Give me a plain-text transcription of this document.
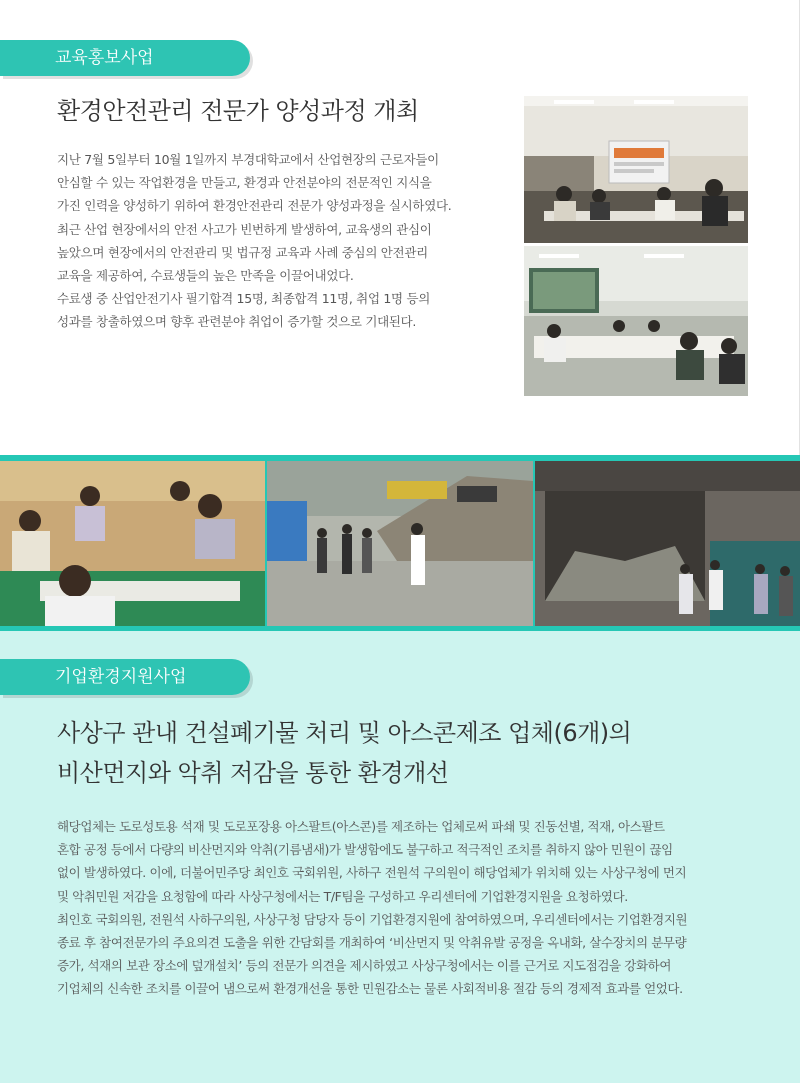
교육홍보사업
환경안전관리 전문가 양성과정 개최

지난 7월 5일부터 10월 1일까지 부경대학교에서 산업현장의 근로자들이

안심할 수 있는 작업환경을 만들고, 환경과 안전분야의 전문적인 지식을

가진 인력을 양성하기 위하여 환경안전관리 전문가 양성과정을 실시하였다.

최근 산업 현장에서의 안전 사고가 빈번하게 발생하여, 교육생의 관심이

높았으며 현장에서의 안전관리 및 법규정 교육과 사례 중심의 안전관리

교육을 제공하여, 수료생들의 높은 만족을 이끌어내었다.

수료생 중 산업안전기사 필기합격 15명, 최종합격 11명, 취업 1명 등의

성과를 창출하였으며 향후 관련분야 취업이 증가할 것으로 기대된다.

기업환경지원사업
사상구 관내 건설폐기물 처리 및 아스콘제조 업체(6개)의
비산먼지와 악취 저감을 통한 환경개선

해당업체는 도로성토용 석재 및 도로포장용 아스팔트(아스콘)를 제조하는 업체로써 파쇄 및 진동선별, 적재, 아스팔트

혼합 공정 등에서 다량의 비산먼지와 악취(기름냄새)가 발생함에도 불구하고 적극적인 조치를 취하지 않아 민원이 끊임

없이 발생하였다. 이에, 더불어민주당 최인호 국회위원, 사하구 전원석 구의원이 해당업체가 위치해 있는 사상구청에 먼지

및 악취민원 저감을 요청함에 따라 사상구청에서는 T/F팀을 구성하고 우리센터에 기업환경지원을 요청하였다.

최인호 국회의원, 전원석 사하구의원, 사상구청 담당자 등이 기업환경지원에 참여하였으며, 우리센터에서는 기업환경지원

종료 후 참여전문가의 주요의견 도출을 위한 간담회를 개최하여 ‘비산먼지 및 악취유발 공정을 옥내화, 살수장치의 분무량

증가, 석재의 보관 장소에 덮개설치’ 등의 전문가 의견을 제시하였고 사상구청에서는 이를 근거로 지도점검을 강화하여

기업체의 신속한 조치를 이끌어 냄으로써 환경개선을 통한 민원감소는 물론 사회적비용 절감 등의 경제적 효과를 얻었다.
